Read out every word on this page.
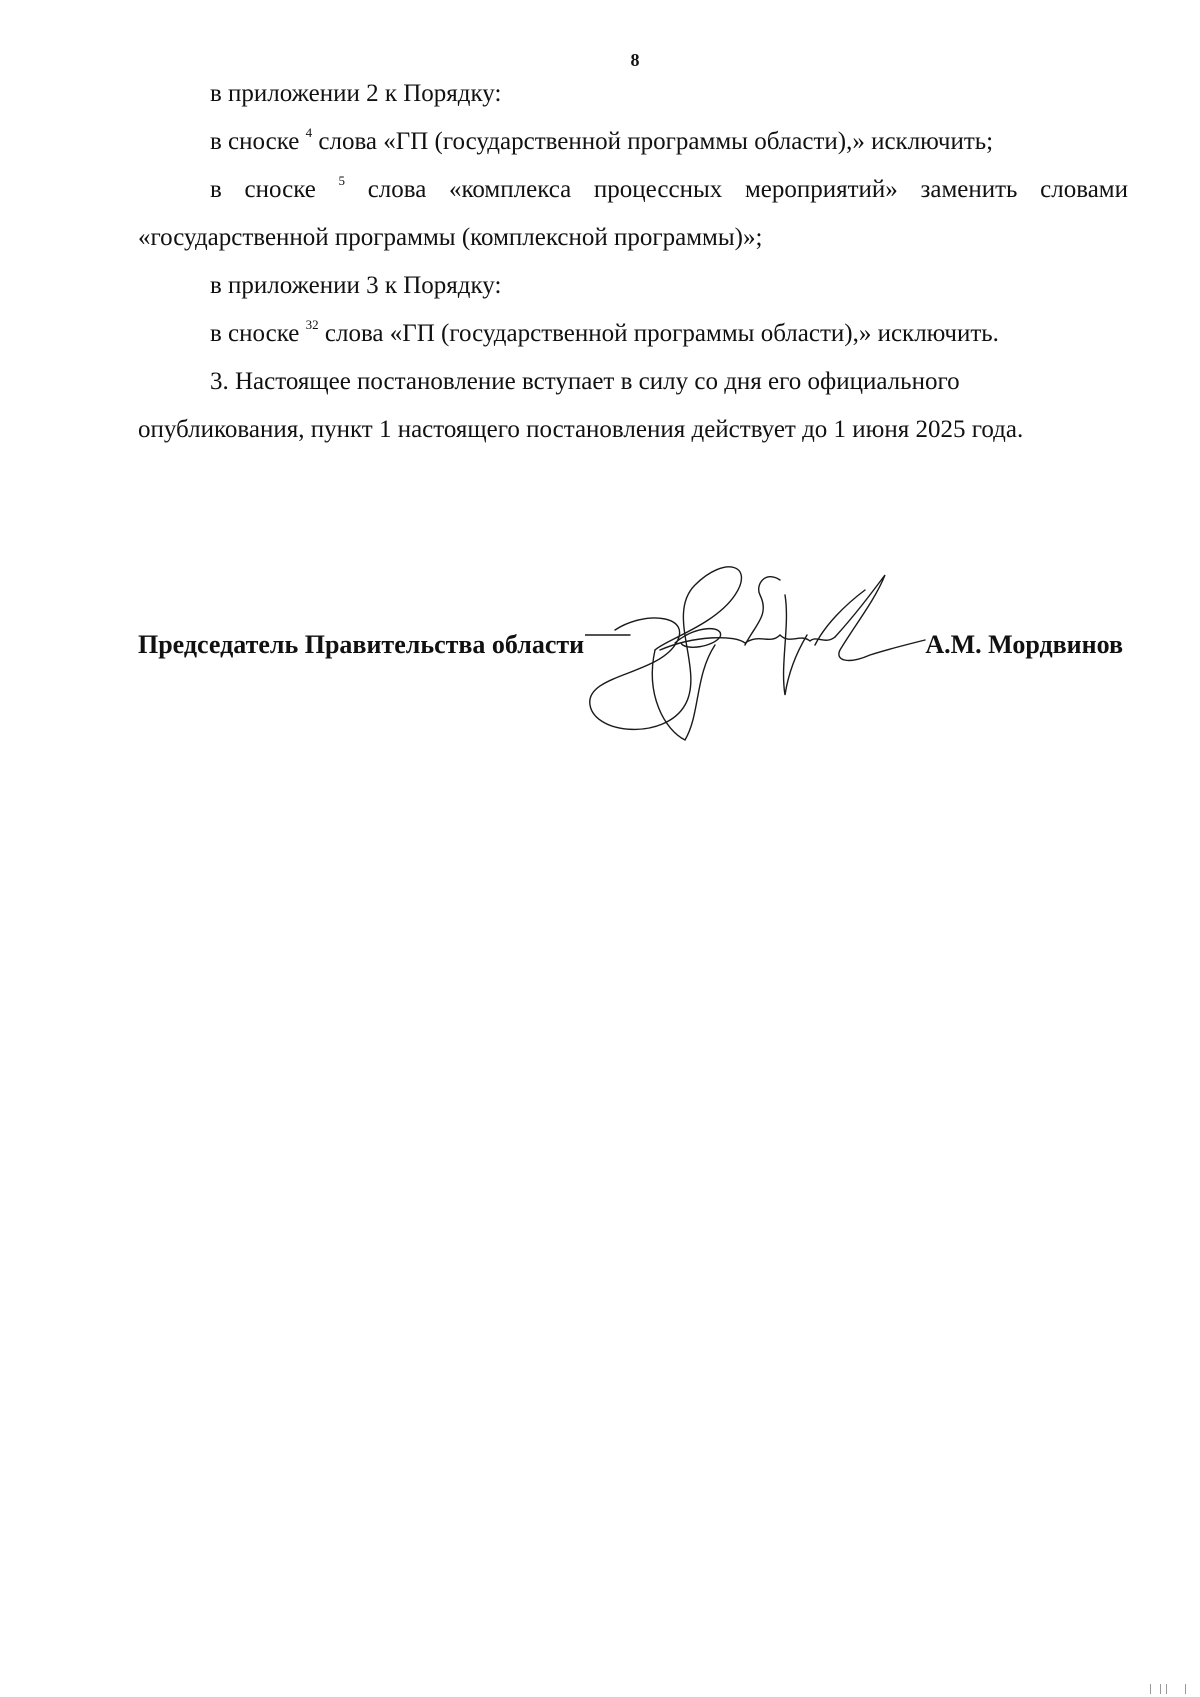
8

в приложении 2 к Порядку:

в сноске $^4$ слова «ГП (государственной программы области),» исключить;

в сноске $^5$ слова «комплекса процессных мероприятий» заменить словами «государственной программы (комплексной программы)»;

в приложении 3 к Порядку:

в сноске $^{32}$ слова «ГП (государственной программы области),» исключить.

3. Настоящее постановление вступает в силу со дня его официального опубликования, пункт 1 настоящего постановления действует до 1 июня 2025 года.

Председатель Правительства области	А.М. Мордвинов
